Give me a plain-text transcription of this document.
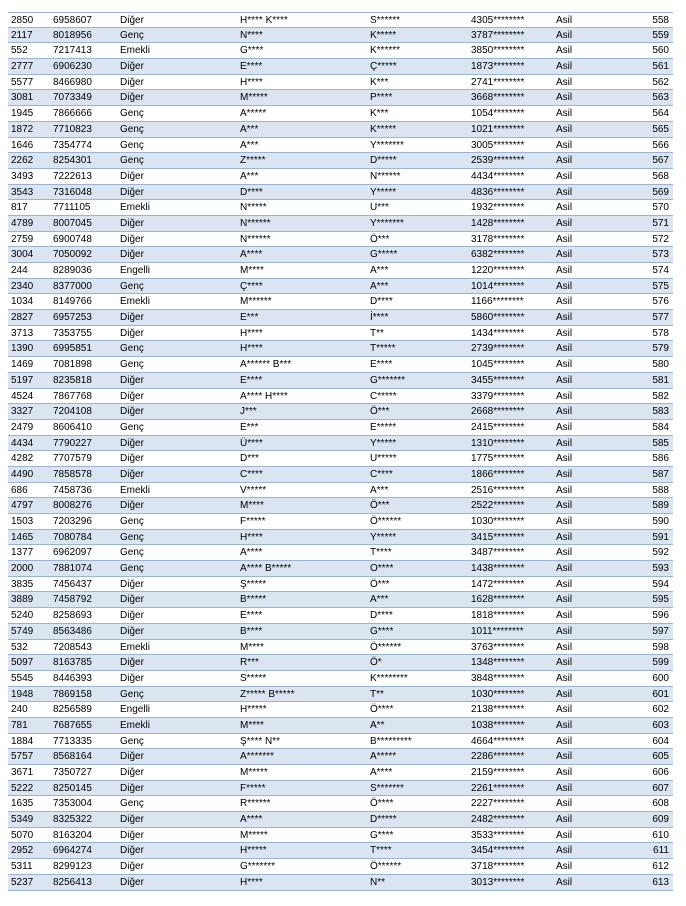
2850	6958607	Diğer	H**** K****	S******	4305********	Asil	558
2117	8018956	Genç	N****	K*****	3787********	Asil	559
552	7217413	Emekli	G****	K******	3850********	Asil	560
2777	6906230	Diğer	E****	Ç*****	1873********	Asil	561
5577	8466980	Diğer	H****	K***	2741********	Asil	562
3081	7073349	Diğer	M*****	P****	3668********	Asil	563
1945	7866666	Genç	A*****	K***	1054********	Asil	564
1872	7710823	Genç	A***	K*****	1021********	Asil	565
1646	7354774	Genç	A***	Y*******	3005********	Asil	566
2262	8254301	Genç	Z*****	D*****	2539********	Asil	567
3493	7222613	Diğer	A***	N******	4434********	Asil	568
3543	7316048	Diğer	D****	Y*****	4836********	Asil	569
817	7711105	Emekli	N*****	U***	1932********	Asil	570
4789	8007045	Diğer	N******	Y*******	1428********	Asil	571
2759	6900748	Diğer	N******	Ö***	3178********	Asil	572
3004	7050092	Diğer	A****	G*****	6382********	Asil	573
244	8289036	Engelli	M****	A***	1220********	Asil	574
2340	8377000	Genç	Ç****	A***	1014********	Asil	575
1034	8149766	Emekli	M******	D****	1166********	Asil	576
2827	6957253	Diğer	E***	İ****	5860********	Asil	577
3713	7353755	Diğer	H****	T**	1434********	Asil	578
1390	6995851	Genç	H****	T*****	2739********	Asil	579
1469	7081898	Genç	A****** B***	E****	1045********	Asil	580
5197	8235818	Diğer	E****	G*******	3455********	Asil	581
4524	7867768	Diğer	A**** H****	C*****	3379********	Asil	582
3327	7204108	Diğer	J***	Ö***	2668********	Asil	583
2479	8606410	Genç	E***	E*****	2415********	Asil	584
4434	7790227	Diğer	Ü****	Y*****	1310********	Asil	585
4282	7707579	Diğer	D***	U*****	1775********	Asil	586
4490	7858578	Diğer	C****	C****	1866********	Asil	587
686	7458736	Emekli	V*****	A***	2516********	Asil	588
4797	8008276	Diğer	M****	Ö***	2522********	Asil	589
1503	7203296	Genç	F*****	Ö******	1030********	Asil	590
1465	7080784	Genç	H****	Y*****	3415********	Asil	591
1377	6962097	Genç	A****	T****	3487********	Asil	592
2000	7881074	Genç	A**** B*****	O****	1438********	Asil	593
3835	7456437	Diğer	Ş*****	Ö***	1472********	Asil	594
3889	7458792	Diğer	B*****	A***	1628********	Asil	595
5240	8258693	Diğer	E****	D****	1818********	Asil	596
5749	8563486	Diğer	B****	G****	1011********	Asil	597
532	7208543	Emekli	M****	Ö******	3763********	Asil	598
5097	8163785	Diğer	R***	Ö*	1348********	Asil	599
5545	8446393	Diğer	S*****	K********	3848********	Asil	600
1948	7869158	Genç	Z***** B*****	T**	1030********	Asil	601
240	8256589	Engelli	H*****	Ö****	2138********	Asil	602
781	7687655	Emekli	M****	A**	1038********	Asil	603
1884	7713335	Genç	Ş**** N**	B*********	4664********	Asil	604
5757	8568164	Diğer	A*******	A*****	2286********	Asil	605
3671	7350727	Diğer	M*****	A****	2159********	Asil	606
5222	8250145	Diğer	F*****	S*******	2261********	Asil	607
1635	7353004	Genç	R******	Ö****	2227********	Asil	608
5349	8325322	Diğer	A****	D*****	2482********	Asil	609
5070	8163204	Diğer	M*****	G****	3533********	Asil	610
2952	6964274	Diğer	H*****	T****	3454********	Asil	611
5311	8299123	Diğer	G*******	Ö******	3718********	Asil	612
5237	8256413	Diğer	H****	N**	3013********	Asil	613
